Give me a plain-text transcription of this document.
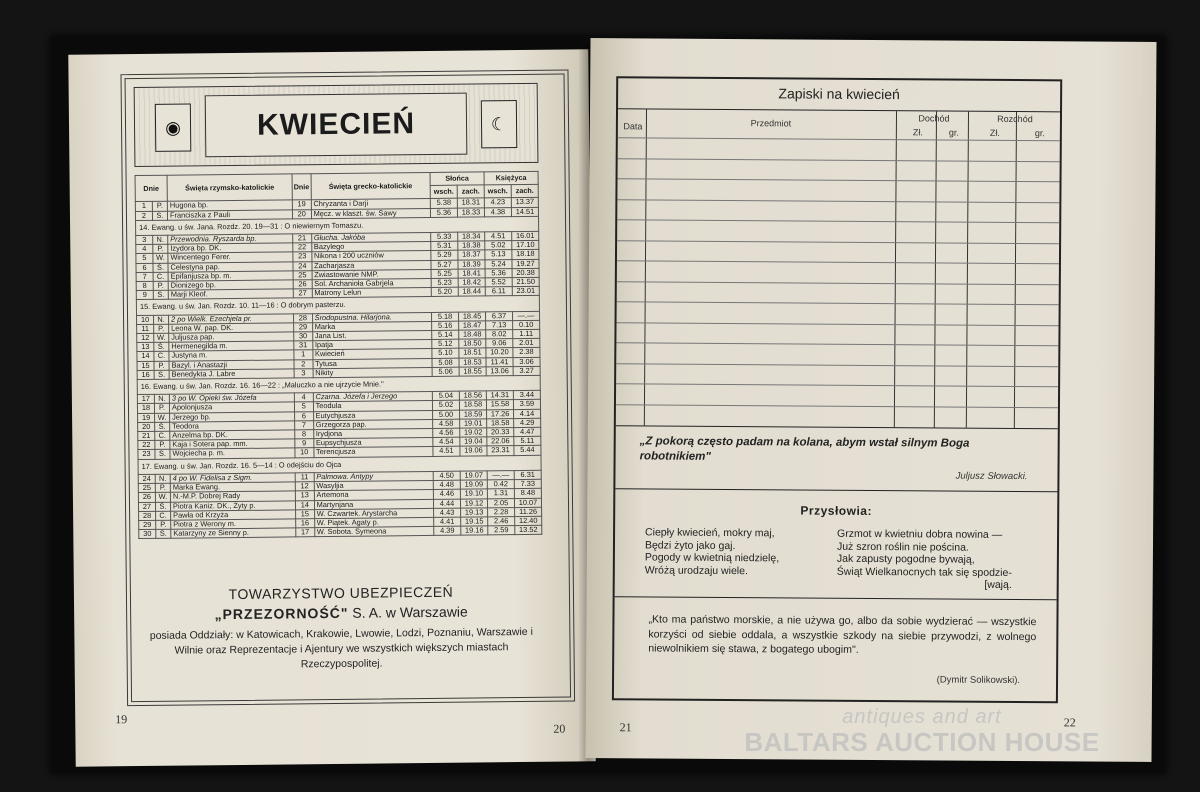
◉	KWIECIEŃ	☾
Dnie		Święta rzymsko-katolickie	Dnie	Święta grecko-katolickie	Słońca		Księżyca	
					wsch.	zach.	wsch.	zach.
1	P.	Hugona bp.	19	Chryzanta i Darji	5.38	18.31	4.23	13.37
2	S.	Franciszka z Pauli	20	Męcz. w klaszt. św. Sawy	5.36	18.33	4.38	14.51
14. Ewang. u św. Jana. Rozdz. 20. 19—31 : O niewiernym Tomaszu.								
3	N.	Przewodnia. Ryszarda bp.	21	Głucha. Jakóba	5.33	18.34	4.51	16.01
4	P.	Izydora bp. DK.	22	Bazylego	5.31	18.38	5.02	17.10
5	W.	Wincentego Ferer.	23	Nikona i 200 uczniów	5.29	18.37	5.13	18.18
6	Ś.	Celestyna pap.	24	Zacharjasza	5.27	18.39	5.24	19.27
7	C.	Epifanjusza bp. m.	25	Zwiastowanie NMP.	5.25	18.41	5.36	20.38
8	P.	Dionizego bp.	26	Sol. Archanioła Gabrjela	5.23	18.42	5.52	21.50
9	S.	Marji Kleof.	27	Matrony Lelun	5.20	18.44	6.11	23.01
15. Ewang. u św. Jan. Rozdz. 10. 11—16 : O dobrym pasterzu.								
10	N.	2 po Wielk. Ezechjela pr.	28	Środopustna. Hilarjona.	5.18	18.45	6.37	—.—
11	P.	Leona W. pap. DK.	29	Marka	5.16	18.47	7.13	0.10
12	W.	Juljusza pap.	30	Jana List.	5.14	18.48	8.02	1.11
13	Ś.	Hermenegilda m.	31	Ipatja	5.12	18.50	9.06	2.01
14	C.	Justyna m.	1	Kwiecień	5.10	18.51	10.20	2.38
15	P.	Bazyl. i Anastazji	2	Tytusa	5.08	18.53	11.41	3.06
16	S.	Benedykta J. Labre	3	Nikity	5.06	18.55	13.06	3.27
16. Ewang. u św. Jan. Rozdz. 16. 16—22 : „Maluczko a nie ujrzycie Mnie."								
17	N.	3 po W. Opieki św. Józefa	4	Czarna. Józefa i Jerzego	5.04	18.56	14.31	3.44
18	P.	Apolonjusza	5	Teodula	5.02	18.58	15.58	3.59
19	W.	Jerzego bp.	6	Eutychjusza	5.00	18.59	17.26	4.14
20	Ś.	Teodora	7	Grzegorza pap.	4.58	19.01	18.58	4.29
21	C.	Anzelma bp. DK.	8	Irydjona	4.56	19.02	20.33	4.47
22	P.	Kaja i Sotera pap. mm.	9	Eupsychjusza	4.54	19.04	22.06	5.11
23	S.	Wojciecha p. m.	10	Terencjusza	4.51	19.06	23.31	5.44
17. Ewang. u św. Jan. Rozdz. 16. 5—14 : O odejściu do Ojca								
24	N.	4 po W. Fidelisa z Sigm.	11	Palmowa. Antypy	4.50	19.07	—.—	6.31
25	P.	Marka Ewang.	12	Wasyljia	4.48	19.09	0.42	7.33
26	W.	N.-M.P. Dobrej Rady	13	Artemona	4.46	19.10	1.31	8.48
27	Ś.	Piotra Kaniz. DK., Żyty p.	14	Martynjana	4.44	19.12	2.05	10.07
28	C.	Pawła od Krzyża	15	W. Czwartek. Arystarcha	4.43	19.13	2.28	11.26
29	P.	Piotra z Werony m.	16	W. Piątek. Agaty p.	4.41	19.15	2.46	12.40
30	S.	Katarzyny ze Sienny p.	17	W. Sobota. Symeona	4.39	19.16	2.59	13.52
TOWARZYSTWO UBEZPIECZEŃ
„PRZEZORNOŚĆ" S. A. w Warszawie
posiada Oddziały: w Katowicach, Krakowie, Lwowie, Lodzi, Poznaniu, Warszawie i Wilnie oraz Reprezentacje i Ajentury we wszystkich większych miastach Rzeczypospolitej.
19
20
Zapiski na kwiecień
Data	Przedmiot	Dochód	Rozchód
Zł.	gr.	Zł.	gr.
„Z pokorą często padam na kolana, abym wstał silnym Boga robotnikiem"
Juljusz Słowacki.
Przysłowia:
Ciepły kwiecień, mokry maj,
Będzi żyto jako gaj.
Pogody w kwietnią niedzielę,
Wróżą urodzaju wiele.
Grzmot w kwietniu dobra nowina —
Już szron roślin nie pościna.
Jak zapusty pogodne bywają,
Świąt Wielkanocnych tak się spodzie-
[wają.
„Kto ma państwo morskie, a nie używa go, albo da sobie wydzierać — wszystkie korzyści od siebie oddala, a wszystkie szkody na siebie przywodzi, z wolnego niewolnikiem się stawa, z bogatego ubogim".
(Dymitr Solikowski).
21	22
antiques and art
BALTARS AUCTION HOUSE
